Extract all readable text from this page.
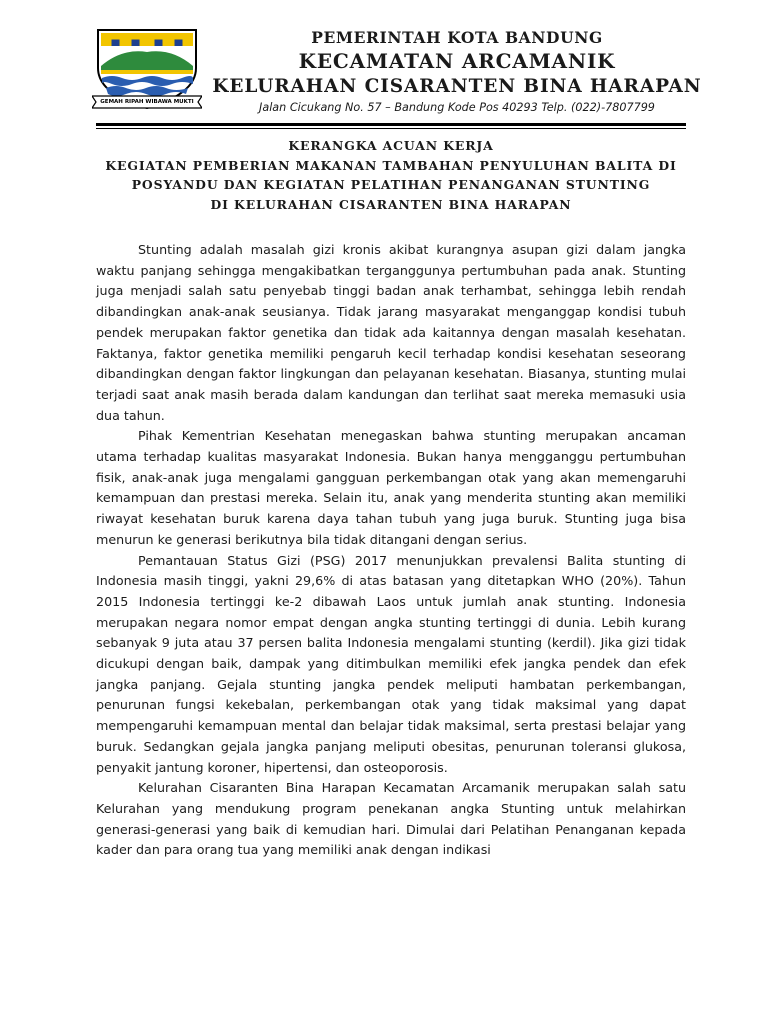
GEMAH RIPAH WIBAWA MUKTI
PEMERINTAH KOTA BANDUNG
KECAMATAN ARCAMANIK
KELURAHAN CISARANTEN BINA HARAPAN
Jalan Cicukang No. 57 – Bandung Kode Pos 40293 Telp. (022)-7807799
KERANGKA ACUAN KERJA
KEGIATAN PEMBERIAN MAKANAN TAMBAHAN PENYULUHAN BALITA DI
POSYANDU DAN KEGIATAN PELATIHAN PENANGANAN STUNTING
DI KELURAHAN CISARANTEN BINA HARAPAN

Stunting adalah masalah gizi kronis akibat kurangnya asupan gizi dalam jangka waktu panjang sehingga mengakibatkan terganggunya pertumbuhan pada anak. Stunting juga menjadi salah satu penyebab tinggi badan anak terhambat, sehingga lebih rendah dibandingkan anak-anak seusianya. Tidak jarang masyarakat menganggap kondisi tubuh pendek merupakan faktor genetika dan tidak ada kaitannya dengan masalah kesehatan. Faktanya, faktor genetika memiliki pengaruh kecil terhadap kondisi kesehatan seseorang dibandingkan dengan faktor lingkungan dan pelayanan kesehatan. Biasanya, stunting mulai terjadi saat anak masih berada dalam kandungan dan terlihat saat mereka memasuki usia dua tahun.

Pihak Kementrian Kesehatan menegaskan bahwa stunting merupakan ancaman utama terhadap kualitas masyarakat Indonesia. Bukan hanya mengganggu pertumbuhan fisik, anak-anak juga mengalami gangguan perkembangan otak yang akan memengaruhi kemampuan dan prestasi mereka. Selain itu, anak yang menderita stunting akan memiliki riwayat kesehatan buruk karena daya tahan tubuh yang juga buruk. Stunting juga bisa menurun ke generasi berikutnya bila tidak ditangani dengan serius.

Pemantauan Status Gizi (PSG) 2017 menunjukkan prevalensi Balita stunting di Indonesia masih tinggi, yakni 29,6% di atas batasan yang ditetapkan WHO (20%). Tahun 2015 Indonesia tertinggi ke-2 dibawah Laos untuk jumlah anak stunting. Indonesia merupakan negara nomor empat dengan angka stunting tertinggi di dunia. Lebih kurang sebanyak 9 juta atau 37 persen balita Indonesia mengalami stunting (kerdil). Jika gizi tidak dicukupi dengan baik, dampak yang ditimbulkan memiliki efek jangka pendek dan efek jangka panjang. Gejala stunting jangka pendek meliputi hambatan perkembangan, penurunan fungsi kekebalan, perkembangan otak yang tidak maksimal yang dapat mempengaruhi kemampuan mental dan belajar tidak maksimal, serta prestasi belajar yang buruk. Sedangkan gejala jangka panjang meliputi obesitas, penurunan toleransi glukosa, penyakit jantung koroner, hipertensi, dan osteoporosis.

Kelurahan Cisaranten Bina Harapan Kecamatan Arcamanik merupakan salah satu Kelurahan yang mendukung program penekanan angka Stunting untuk melahirkan generasi-generasi yang baik di kemudian hari. Dimulai dari Pelatihan Penanganan kepada kader dan para orang tua yang memiliki anak dengan indikasi
